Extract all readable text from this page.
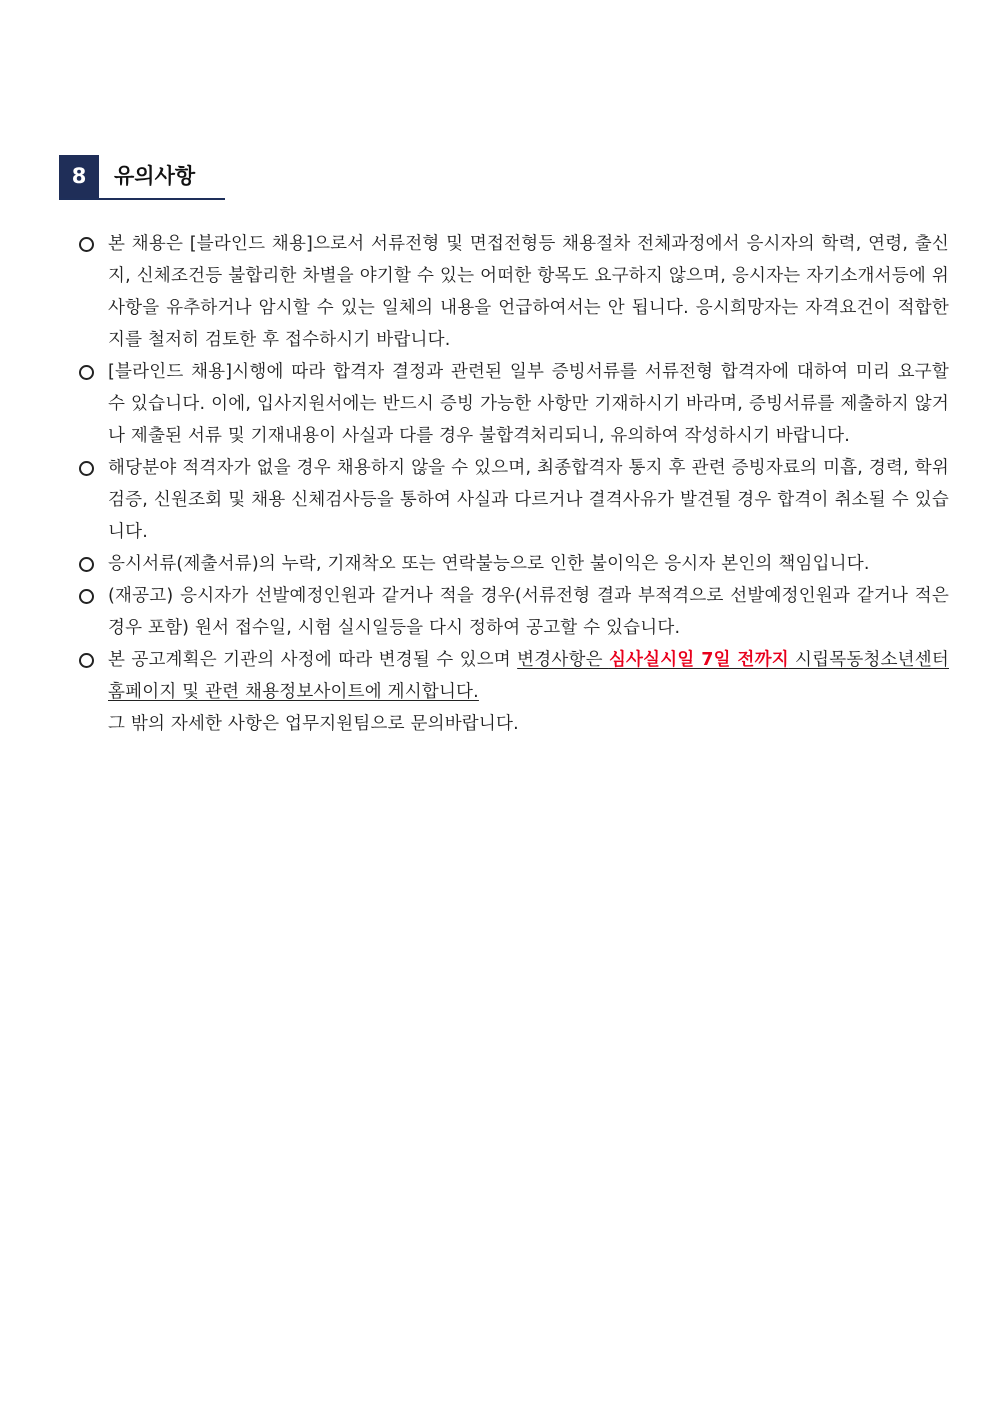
8	유의사항
본 채용은 [블라인드 채용]으로서 서류전형 및 면접전형등 채용절차 전체과정에서 응시자의 학력, 연령, 출신지, 신체조건등 불합리한 차별을 야기할 수 있는 어떠한 항목도 요구하지 않으며, 응시자는 자기소개서등에 위 사항을 유추하거나 암시할 수 있는 일체의 내용을 언급하여서는 안 됩니다. 응시희망자는 자격요건이 적합한지를 철저히 검토한 후 접수하시기 바랍니다.
[블라인드 채용]시행에 따라 합격자 결정과 관련된 일부 증빙서류를 서류전형 합격자에 대하여 미리 요구할 수 있습니다. 이에, 입사지원서에는 반드시 증빙 가능한 사항만 기재하시기 바라며, 증빙서류를 제출하지 않거나 제출된 서류 및 기재내용이 사실과 다를 경우 불합격처리되니, 유의하여 작성하시기 바랍니다.
해당분야 적격자가 없을 경우 채용하지 않을 수 있으며, 최종합격자 통지 후 관련 증빙자료의 미흡, 경력, 학위검증, 신원조회 및 채용 신체검사등을 통하여 사실과 다르거나 결격사유가 발견될 경우 합격이 취소될 수 있습니다.
응시서류(제출서류)의 누락, 기재착오 또는 연락불능으로 인한 불이익은 응시자 본인의 책임입니다.
(재공고) 응시자가 선발예정인원과 같거나 적을 경우(서류전형 결과 부적격으로 선발예정인원과 같거나 적은 경우 포함) 원서 접수일, 시험 실시일등을 다시 정하여 공고할 수 있습니다.
본 공고계획은 기관의 사정에 따라 변경될 수 있으며 변경사항은 심사실시일 7일 전까지 시립목동청소년센터 홈페이지 및 관련 채용정보사이트에 게시합니다.
그 밖의 자세한 사항은 업무지원팀으로 문의바랍니다.
